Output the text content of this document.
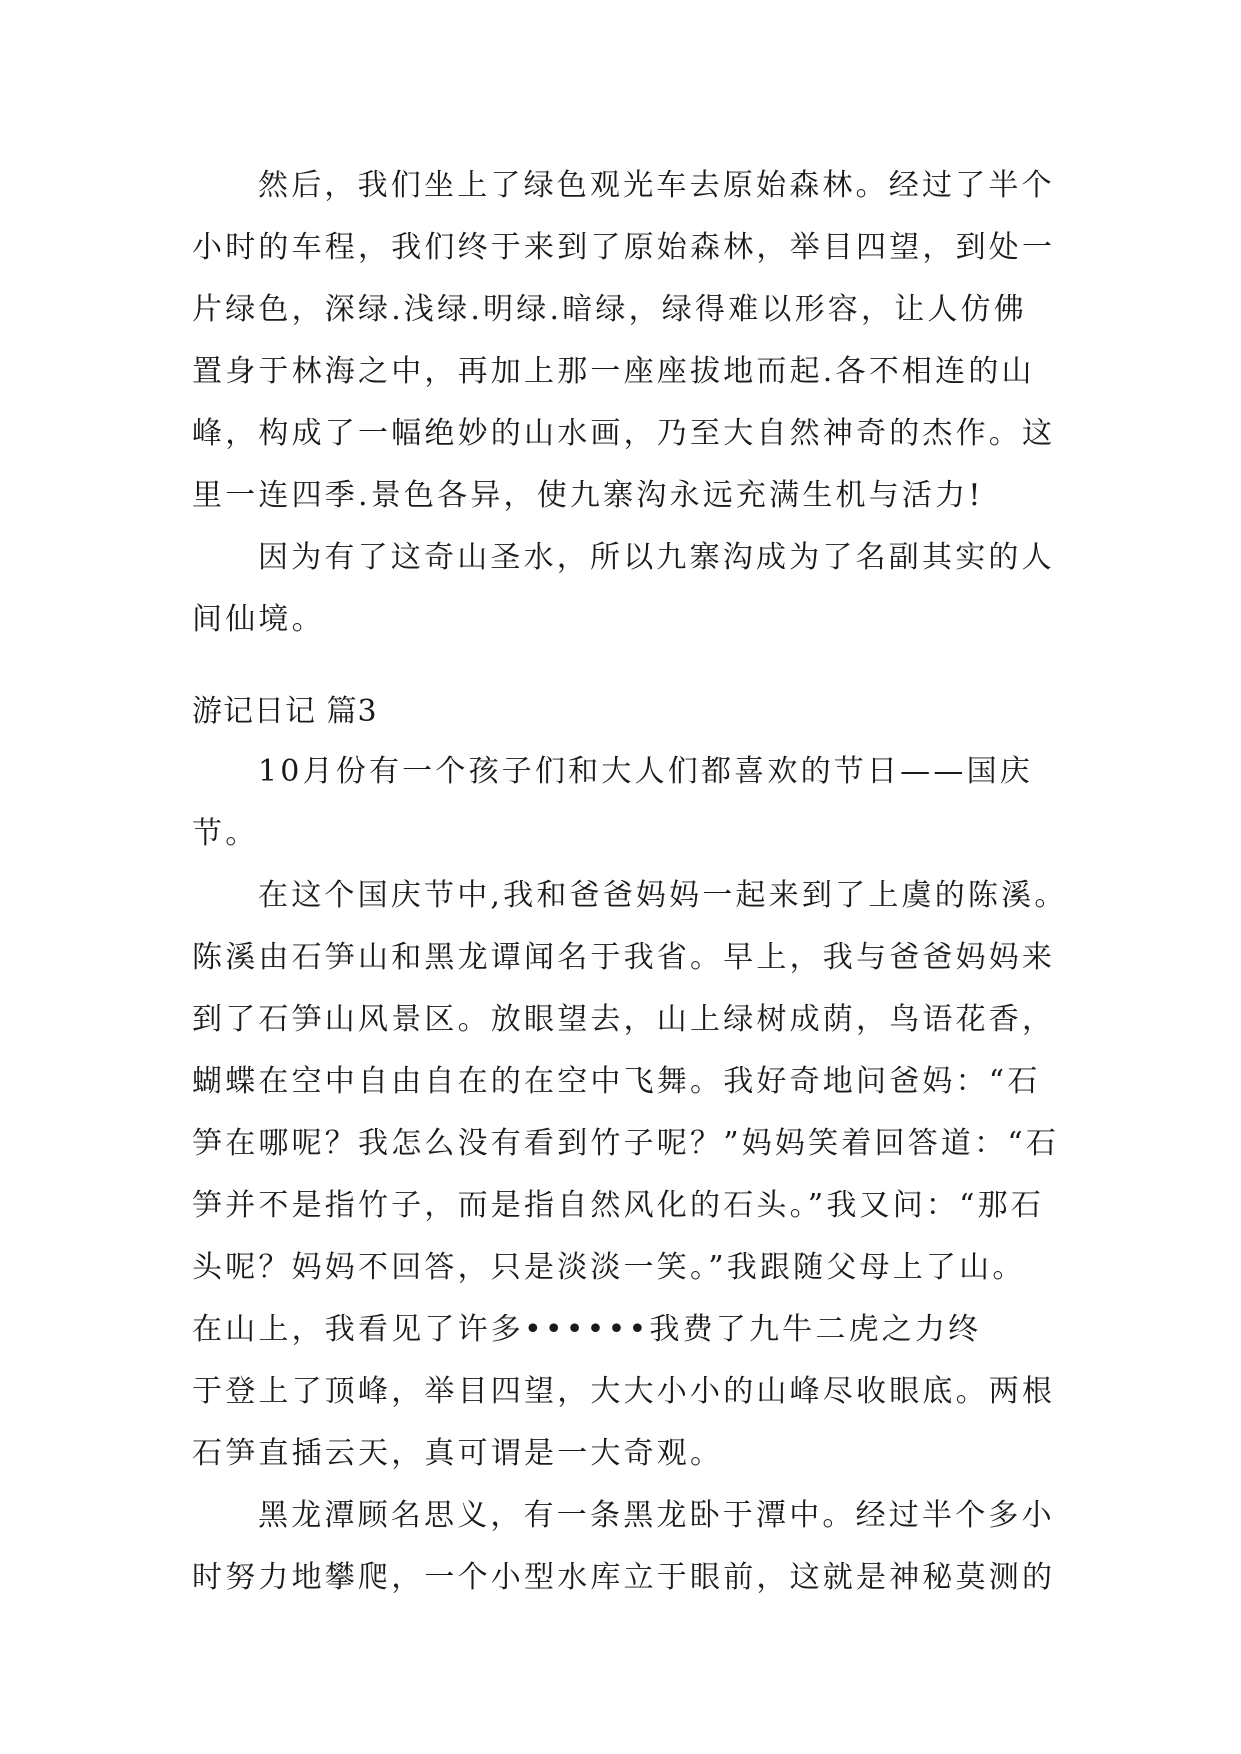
然后，我们坐上了绿色观光车去原始森林。经过了半个
小时的车程，我们终于来到了原始森林，举目四望，到处一
片绿色，深绿.浅绿.明绿.暗绿，绿得难以形容，让人仿佛
置身于林海之中，再加上那一座座拔地而起.各不相连的山
峰，构成了一幅绝妙的山水画，乃至大自然神奇的杰作。这
里一连四季.景色各异，使九寨沟永远充满生机与活力!
因为有了这奇山圣水，所以九寨沟成为了名副其实的人
间仙境。
游记日记 篇3
10月份有一个孩子们和大人们都喜欢的节日——国庆
节。
在这个国庆节中,我和爸爸妈妈一起来到了上虞的陈溪。
陈溪由石笋山和黑龙谭闻名于我省。早上，我与爸爸妈妈来
到了石笋山风景区。放眼望去，山上绿树成荫，鸟语花香，
蝴蝶在空中自由自在的在空中飞舞。我好奇地问爸妈：“石
笋在哪呢？我怎么没有看到竹子呢？”妈妈笑着回答道：“石
笋并不是指竹子，而是指自然风化的石头。”我又问：“那石
头呢？妈妈不回答，只是淡淡一笑。”我跟随父母上了山。
在山上，我看见了许多••••••我费了九牛二虎之力终
于登上了顶峰，举目四望，大大小小的山峰尽收眼底。两根
石笋直插云天，真可谓是一大奇观。
黑龙潭顾名思义，有一条黑龙卧于潭中。经过半个多小
时努力地攀爬，一个小型水库立于眼前，这就是神秘莫测的
